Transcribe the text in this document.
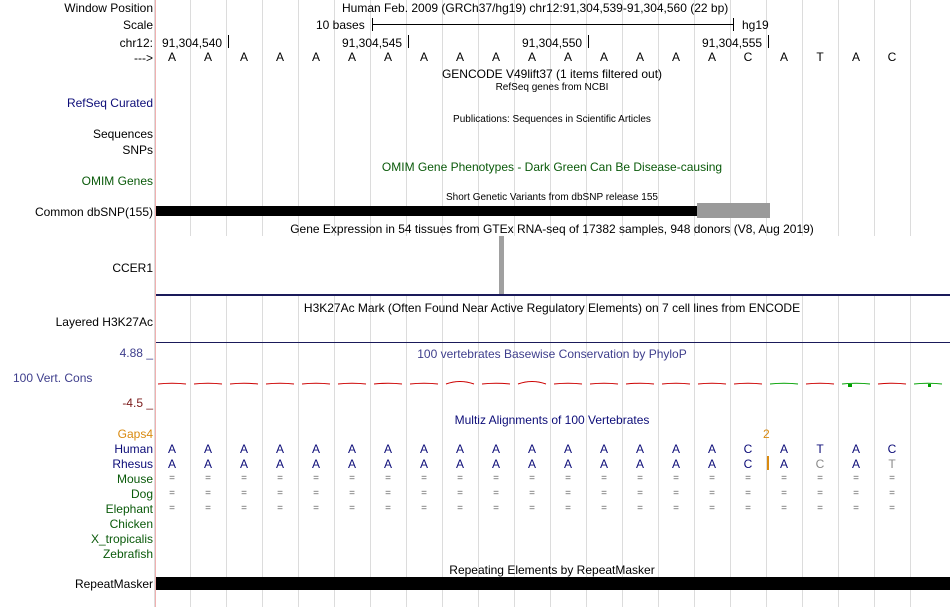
Window Position	Human Feb. 2009 (GRCh37/hg19) chr12:91,304,539-91,304,560 (22 bp)
Scale	10 bases	hg19
chr12: 91,304,540	91,304,545	91,304,550	91,304,555
--->	A	A	A	A	A	A	A	A	A	A	A	A	A	A	A	A	C	A	T	A	C
GENCODE V49lift37 (1 items filtered out)
RefSeq genes from NCBI
RefSeq Curated
Publications: Sequences in Scientific Articles
Sequences
SNPs
OMIM Gene Phenotypes - Dark Green Can Be Disease-causing
OMIM Genes
Short Genetic Variants from dbSNP release 155
Common dbSNP(155)
Gene Expression in 54 tissues from GTEx RNA-seq of 17382 samples, 948 donors (V8, Aug 2019)
CCER1
H3K27Ac Mark (Often Found Near Active Regulatory Elements) on 7 cell lines from ENCODE
Layered H3K27Ac
4.88 _	100 vertebrates Basewise Conservation by PhyloP
100 Vert. Cons
-4.5 _
Multiz Alignments of 100 Vertebrates
Gaps4	2
Human	A	A	A	A	A	A	A	A	A	A	A	A	A	A	A	A	C	A	T	A	C
Rhesus	A	A	A	A	A	A	A	A	A	A	A	A	A	A	A	A	C	A	C	A	T
Mouse	=	=	=	=	=	=	=	=	=	=	=	=	=	=	=	=	=	=	=	=	=
Dog	=	=	=	=	=	=	=	=	=	=	=	=	=	=	=	=	=	=	=	=	=
Elephant	=	=	=	=	=	=	=	=	=	=	=	=	=	=	=	=	=	=	=	=	=
Chicken
X_tropicalis
Zebrafish
Repeating Elements by RepeatMasker
RepeatMasker
